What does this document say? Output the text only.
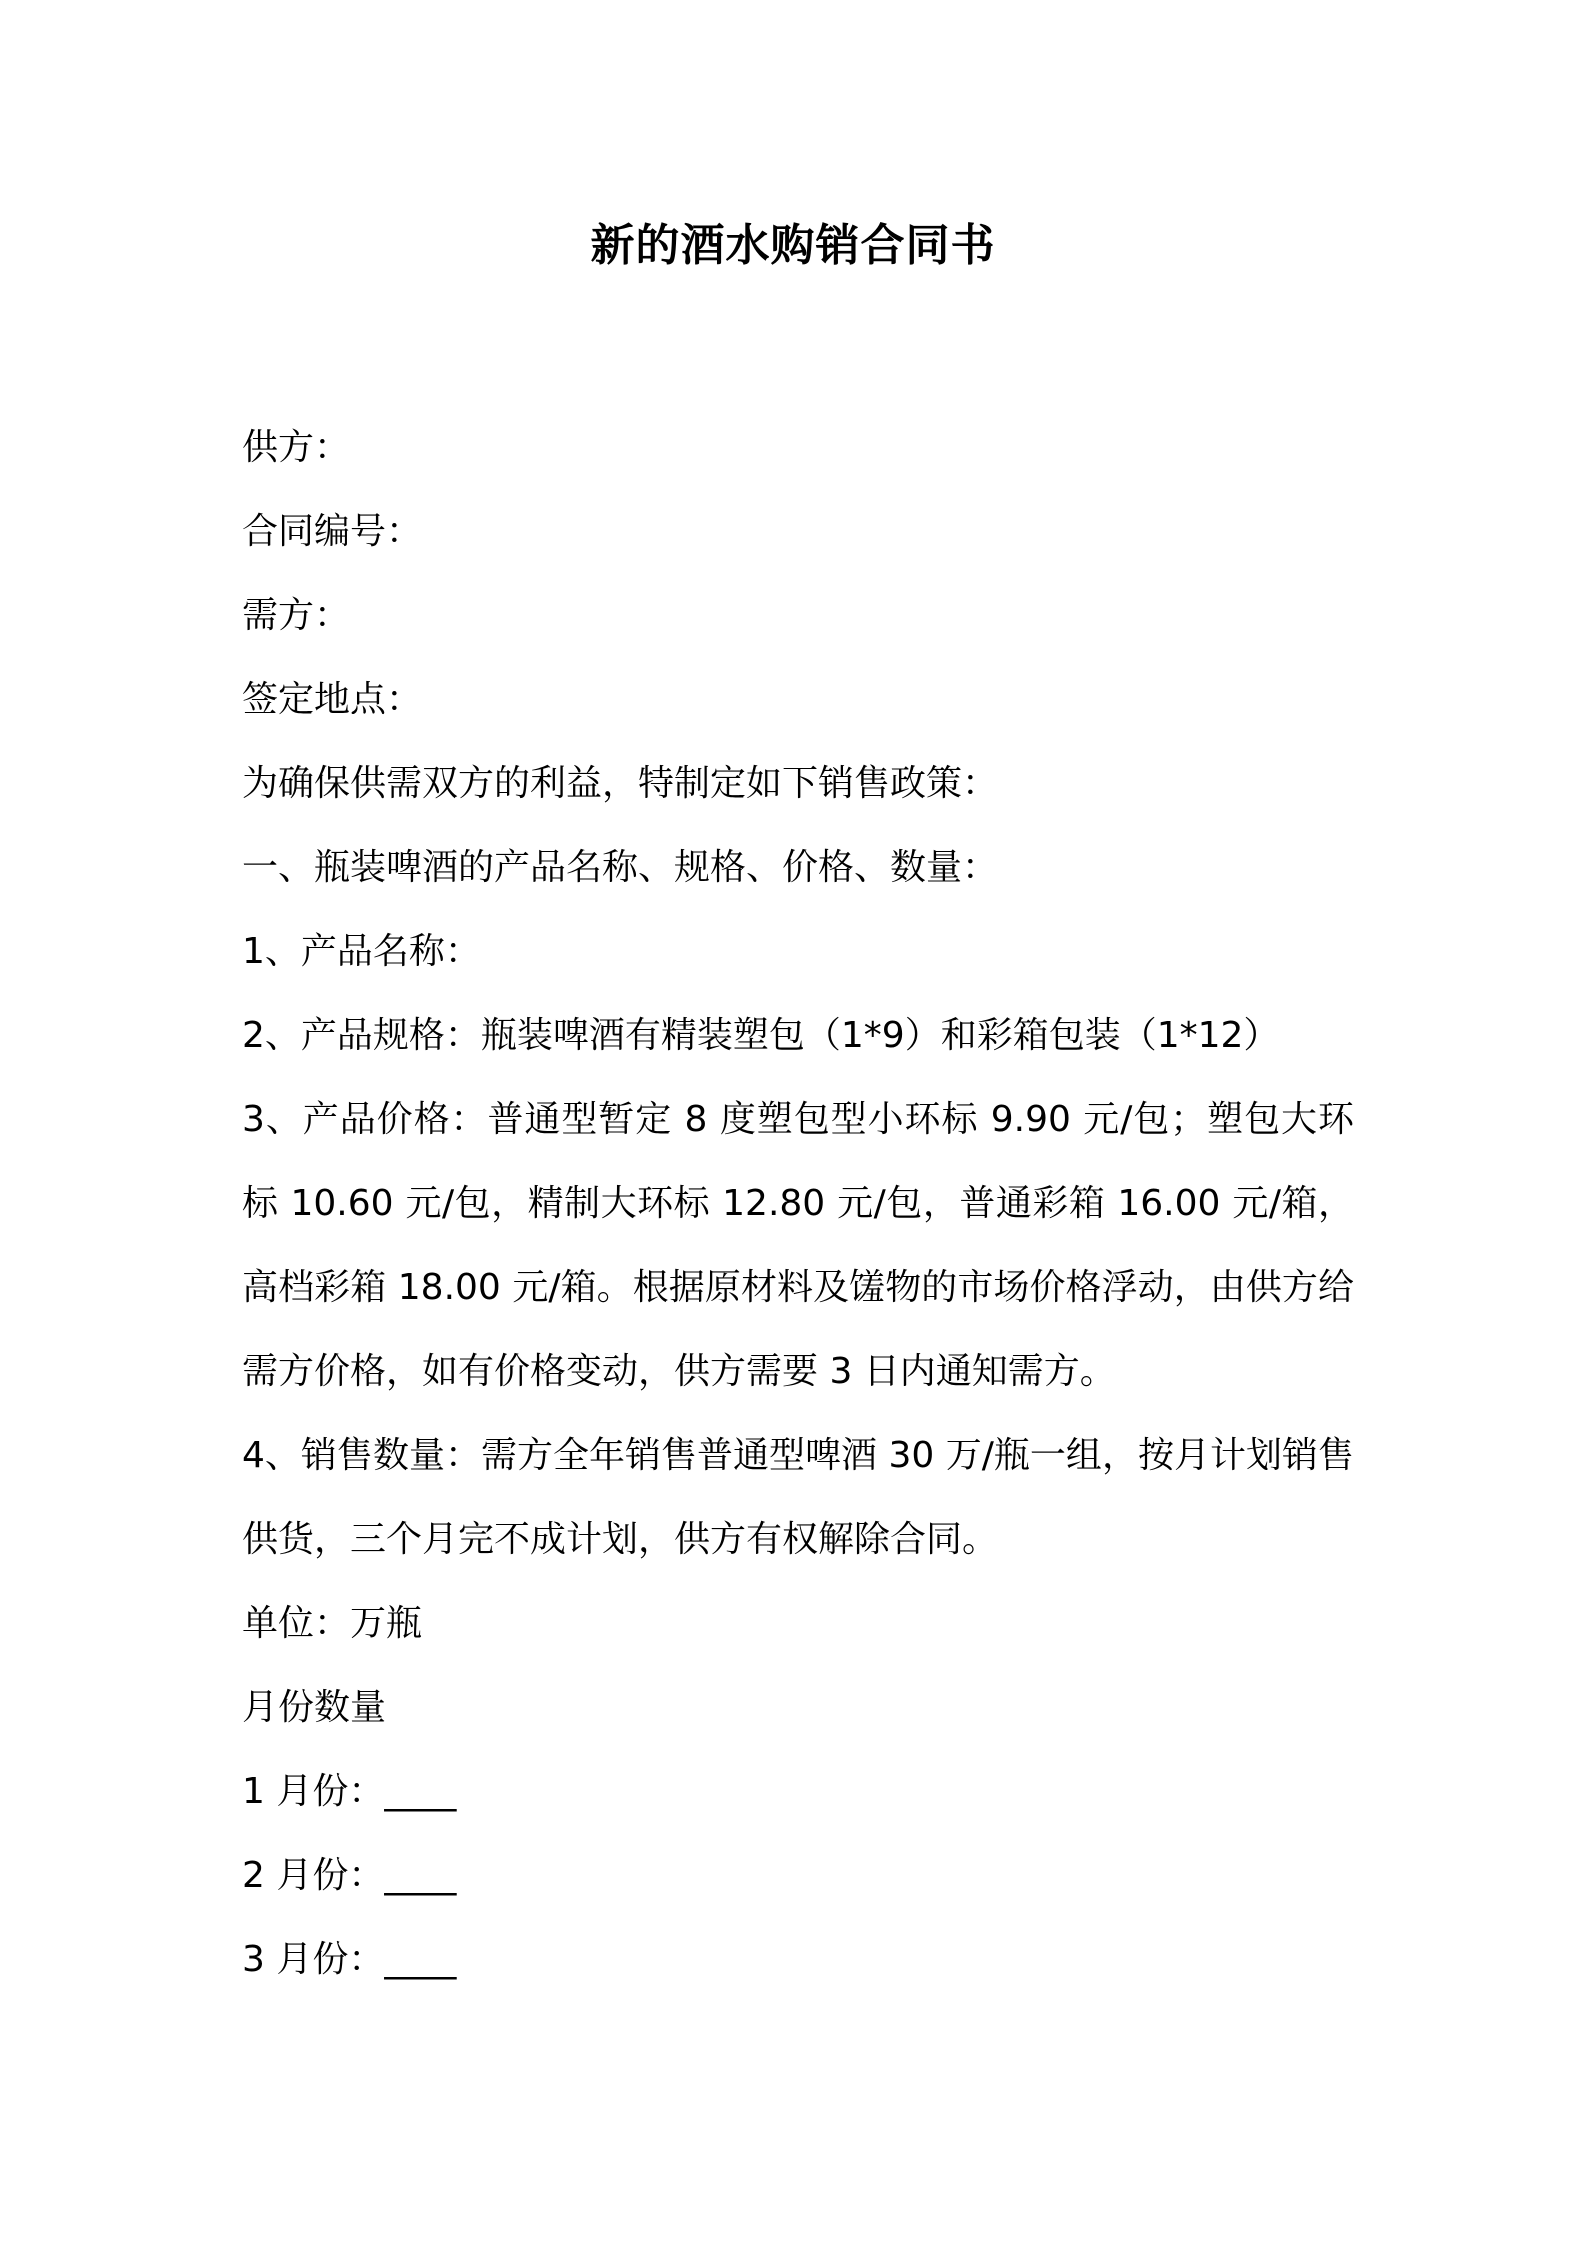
新的酒水购销合同书

供方：

合同编号：

需方：

签定地点：

为确保供需双方的利益，特制定如下销售政策：

一、瓶装啤酒的产品名称、规格、价格、数量：

1、产品名称：

2、产品规格：瓶装啤酒有精装塑包（1*9）和彩箱包装（1*12）

3、产品价格：普通型暂定 8 度塑包型小环标 9.90 元/包；塑包大环标 10.60 元/包，精制大环标 12.80 元/包，普通彩箱 16.00 元/箱，高档彩箱 18.00 元/箱。根据原材料及馐物的市场价格浮动，由供方给需方价格，如有价格变动，供方需要 3 日内通知需方。

4、销售数量：需方全年销售普通型啤酒 30 万/瓶一组，按月计划销售供货，三个月完不成计划，供方有权解除合同。

单位：万瓶

月份数量

1 月份：____

2 月份：____

3 月份：____
